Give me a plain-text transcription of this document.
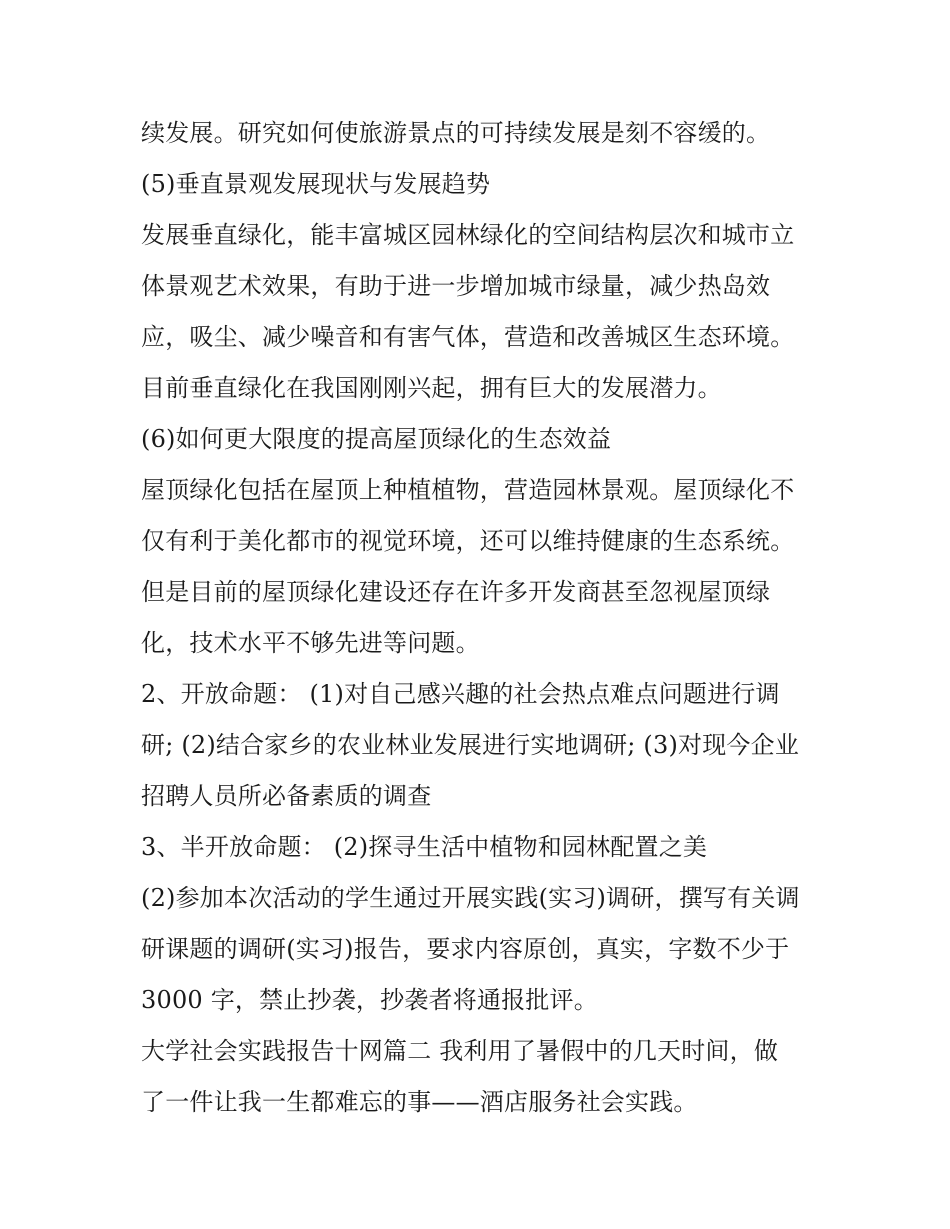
续发展。研究如何使旅游景点的可持续发展是刻不容缓的。
(5)垂直景观发展现状与发展趋势
发展垂直绿化，能丰富城区园林绿化的空间结构层次和城市立
体景观艺术效果，有助于进一步增加城市绿量，减少热岛效
应，吸尘、减少噪音和有害气体，营造和改善城区生态环境。
目前垂直绿化在我国刚刚兴起，拥有巨大的发展潜力。
(6)如何更大限度的提高屋顶绿化的生态效益
屋顶绿化包括在屋顶上种植植物，营造园林景观。屋顶绿化不
仅有利于美化都市的视觉环境，还可以维持健康的生态系统。
但是目前的屋顶绿化建设还存在许多开发商甚至忽视屋顶绿
化，技术水平不够先进等问题。
2、开放命题： (1)对自己感兴趣的社会热点难点问题进行调
研; (2)结合家乡的农业林业发展进行实地调研; (3)对现今企业
招聘人员所必备素质的调查
3、半开放命题： (2)探寻生活中植物和园林配置之美
(2)参加本次活动的学生通过开展实践(实习)调研，撰写有关调
研课题的调研(实习)报告，要求内容原创，真实，字数不少于
3000 字，禁止抄袭，抄袭者将通报批评。
大学社会实践报告十网篇二 我利用了暑假中的几天时间，做
了一件让我一生都难忘的事——酒店服务社会实践。
